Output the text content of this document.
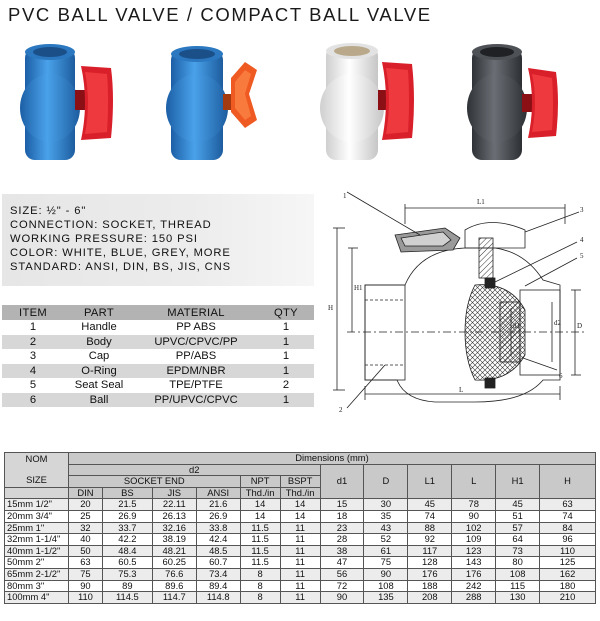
PVC BALL VALVE / COMPACT BALL VALVE
SIZE: ½" - 6"
CONNECTION: SOCKET, THREAD
WORKING PRESSURE: 150 PSI
COLOR: WHITE, BLUE, GREY, MORE
STANDARD: ANSI, DIN, BS, JIS, CNS
ITEM	PART	MATERIAL	QTY
1	Handle	PP ABS	1
2	Body	UPVC/CPVC/PP	1
3	Cap	PP/ABS	1
4	O-Ring	EPDM/NBR	1
5	Seat Seal	TPE/PTFE	2
6	Ball	PP/UPVC/CPVC	1
1
2
3
4
5
6
L1
L
H
H1
d1	d2 D
NOM
SIZE	Dimensions (mm)											
	d2						d1	D	L1	L	H1	H
	SOCKET END				NPT	BSPT						
	DIN	BS	JIS	ANSI	Thd./in	Thd./in						
15mm 1/2"	20	21.5	22.11	21.6	14	14	15	30	45	78	45	63
20mm 3/4"	25	26.9	26.13	26.9	14	14	18	35	74	90	51	74
25mm 1"	32	33.7	32.16	33.8	11.5	11	23	43	88	102	57	84
32mm 1-1/4"	40	42.2	38.19	42.4	11.5	11	28	52	92	109	64	96
40mm 1-1/2"	50	48.4	48.21	48.5	11.5	11	38	61	117	123	73	110
50mm 2"	63	60.5	60.25	60.7	11.5	11	47	75	128	143	80	125
65mm 2-1/2"	75	75.3	76.6	73.4	8	11	56	90	176	176	108	162
80mm 3"	90	89	89.6	89.4	8	11	72	108	188	242	115	180
100mm 4"	110	114.5	114.7	114.8	8	11	90	135	208	288	130	210
